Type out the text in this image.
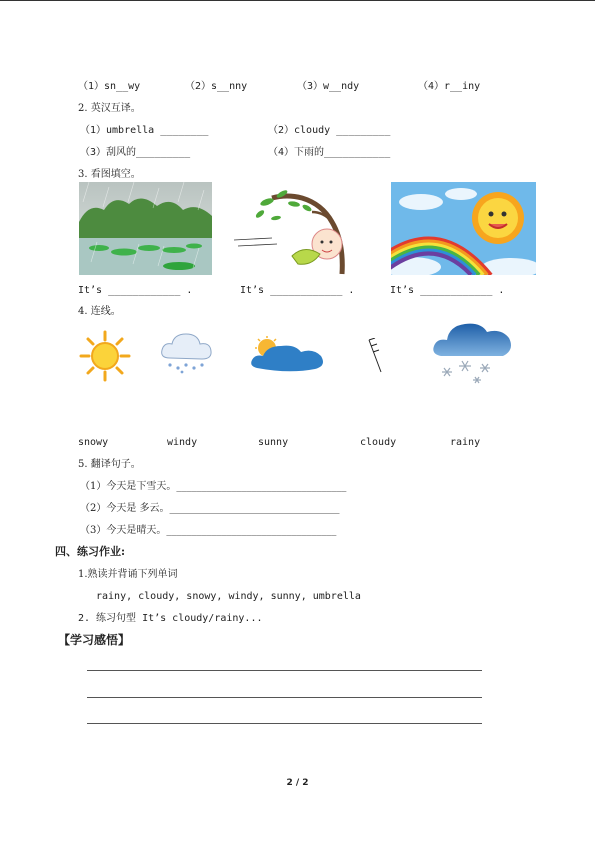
（1）sn__wy	（2）s__nny	（3）w__ndy	（4）r__iny
2. 英汉互译。
（1）umbrella ________	（2）cloudy _________
（3）刮风的_________	（4）下雨的___________
3. 看图填空。
It’s ____________ .	It’s ____________ .	It’s ____________ .
4. 连线。
snowy	windy	sunny	cloudy	rainy
5. 翻译句子。
（1）今天是下雪天。__________________________________
（2）今天是 多云。__________________________________
（3）今天是晴天。__________________________________
四、练习作业:
1.熟读并背诵下列单词
rainy, cloudy, snowy, windy, sunny, umbrella
2. 练习句型 It’s cloudy/rainy...
【学习感悟】
2 / 2
